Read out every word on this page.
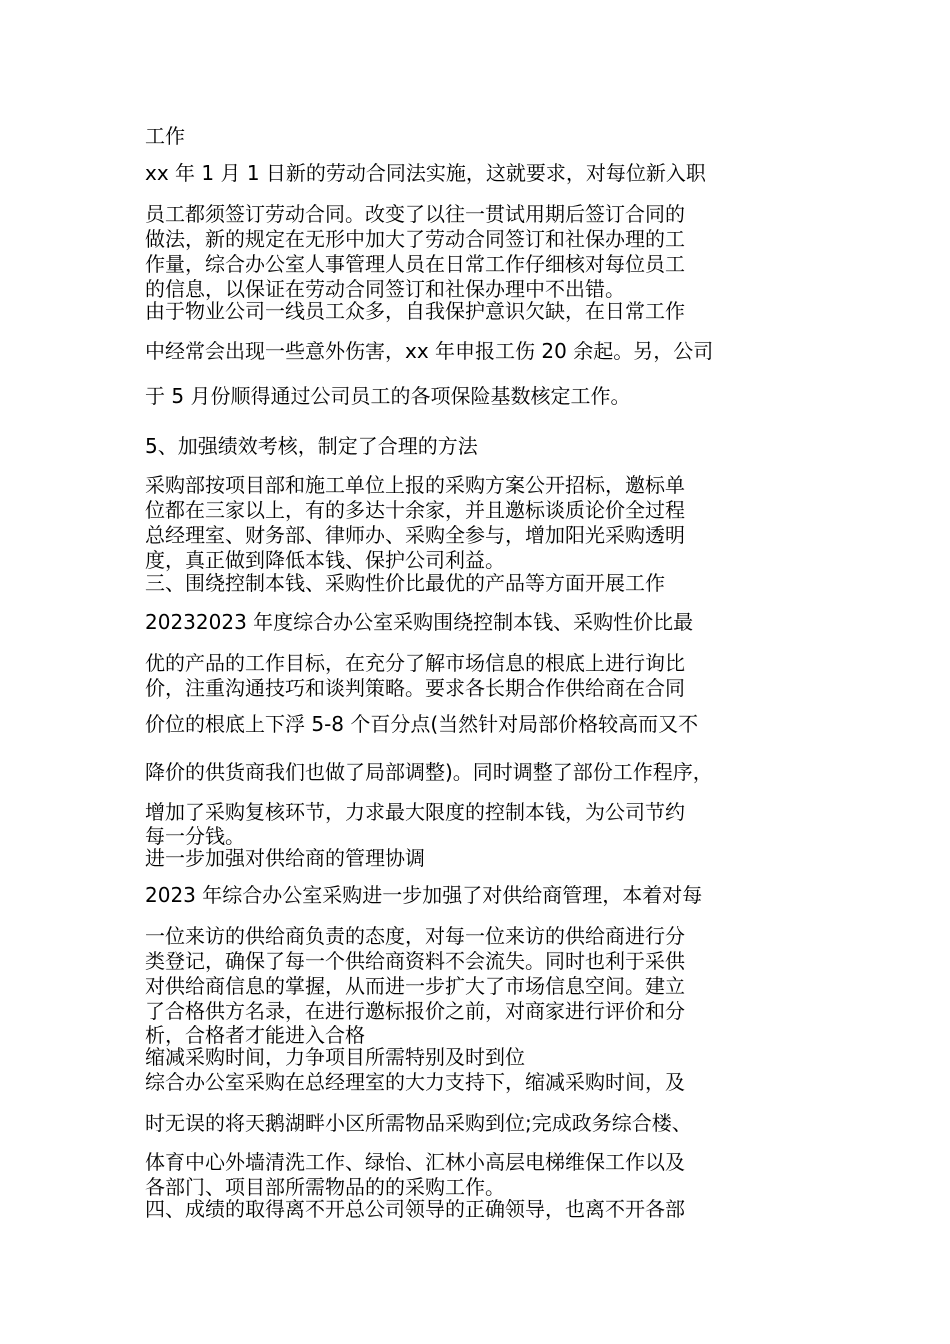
工作
xx 年 1 月 1 日新的劳动合同法实施，这就要求，对每位新入职
员工都须签订劳动合同。改变了以往一贯试用期后签订合同的
做法，新的规定在无形中加大了劳动合同签订和社保办理的工
作量，综合办公室人事管理人员在日常工作仔细核对每位员工
的信息，以保证在劳动合同签订和社保办理中不出错。
由于物业公司一线员工众多，自我保护意识欠缺，在日常工作
中经常会出现一些意外伤害，xx 年申报工伤 20 余起。另，公司
于 5 月份顺得通过公司员工的各项保险基数核定工作。
5、加强绩效考核，制定了合理的方法
采购部按项目部和施工单位上报的采购方案公开招标，邀标单
位都在三家以上，有的多达十余家，并且邀标谈质论价全过程
总经理室、财务部、律师办、采购全参与，增加阳光采购透明
度，真正做到降低本钱、保护公司利益。
三、围绕控制本钱、采购性价比最优的产品等方面开展工作
20232023 年度综合办公室采购围绕控制本钱、采购性价比最
优的产品的工作目标，在充分了解市场信息的根底上进行询比
价，注重沟通技巧和谈判策略。要求各长期合作供给商在合同
价位的根底上下浮 5-8 个百分点(当然针对局部价格较高而又不
降价的供货商我们也做了局部调整)。同时调整了部份工作程序，
增加了采购复核环节，力求最大限度的控制本钱，为公司节约
每一分钱。
进一步加强对供给商的管理协调
2023 年综合办公室采购进一步加强了对供给商管理，本着对每
一位来访的供给商负责的态度，对每一位来访的供给商进行分
类登记，确保了每一个供给商资料不会流失。同时也利于采供
对供给商信息的掌握，从而进一步扩大了市场信息空间。建立
了合格供方名录，在进行邀标报价之前，对商家进行评价和分
析，合格者才能进入合格
缩减采购时间，力争项目所需特别及时到位
综合办公室采购在总经理室的大力支持下，缩减采购时间，及
时无误的将天鹅湖畔小区所需物品采购到位;完成政务综合楼、
体育中心外墙清洗工作、绿怡、汇林小高层电梯维保工作以及
各部门、项目部所需物品的的采购工作。
四、成绩的取得离不开总公司领导的正确领导，也离不开各部
